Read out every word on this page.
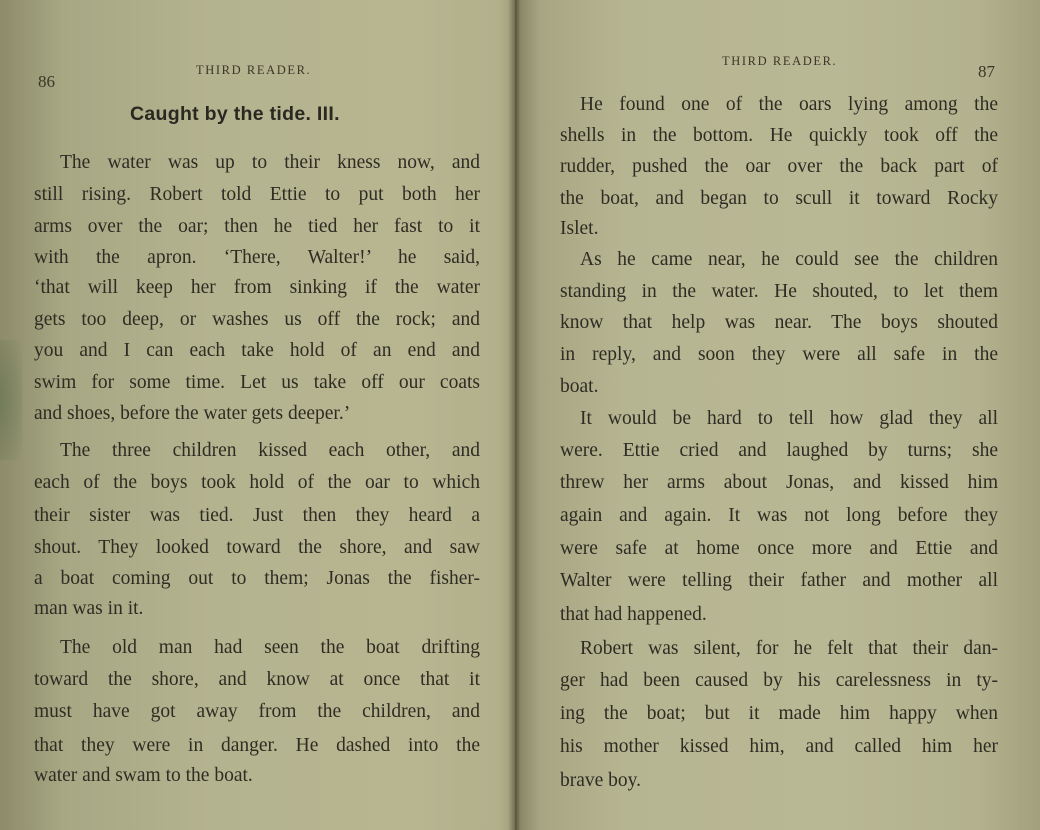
86
THIRD READER.
Caught by the tide. III.
The water was up to their kness now, and
still rising. Robert told Ettie to put both her
arms over the oar; then he tied her fast to it
with the apron. ‘There, Walter!’ he said,
‘that will keep her from sinking if the water
gets too deep, or washes us off the rock; and
you and I can each take hold of an end and
swim for some time. Let us take off our coats
and shoes, before the water gets deeper.’
The three children kissed each other, and
each of the boys took hold of the oar to which
their sister was tied. Just then they heard a
shout. They looked toward the shore, and saw
a boat coming out to them; Jonas the fisher-
man was in it.
The old man had seen the boat drifting
toward the shore, and know at once that it
must have got away from the children, and
that they were in danger. He dashed into the
water and swam to the boat.
THIRD READER.
87
He found one of the oars lying among the
shells in the bottom. He quickly took off the
rudder, pushed the oar over the back part of
the boat, and began to scull it toward Rocky
Islet.
As he came near, he could see the children
standing in the water. He shouted, to let them
know that help was near. The boys shouted
in reply, and soon they were all safe in the
boat.
It would be hard to tell how glad they all
were. Ettie cried and laughed by turns; she
threw her arms about Jonas, and kissed him
again and again. It was not long before they
were safe at home once more and Ettie and
Walter were telling their father and mother all
that had happened.
Robert was silent, for he felt that their dan-
ger had been caused by his carelessness in ty-
ing the boat; but it made him happy when
his mother kissed him, and called him her
brave boy.
